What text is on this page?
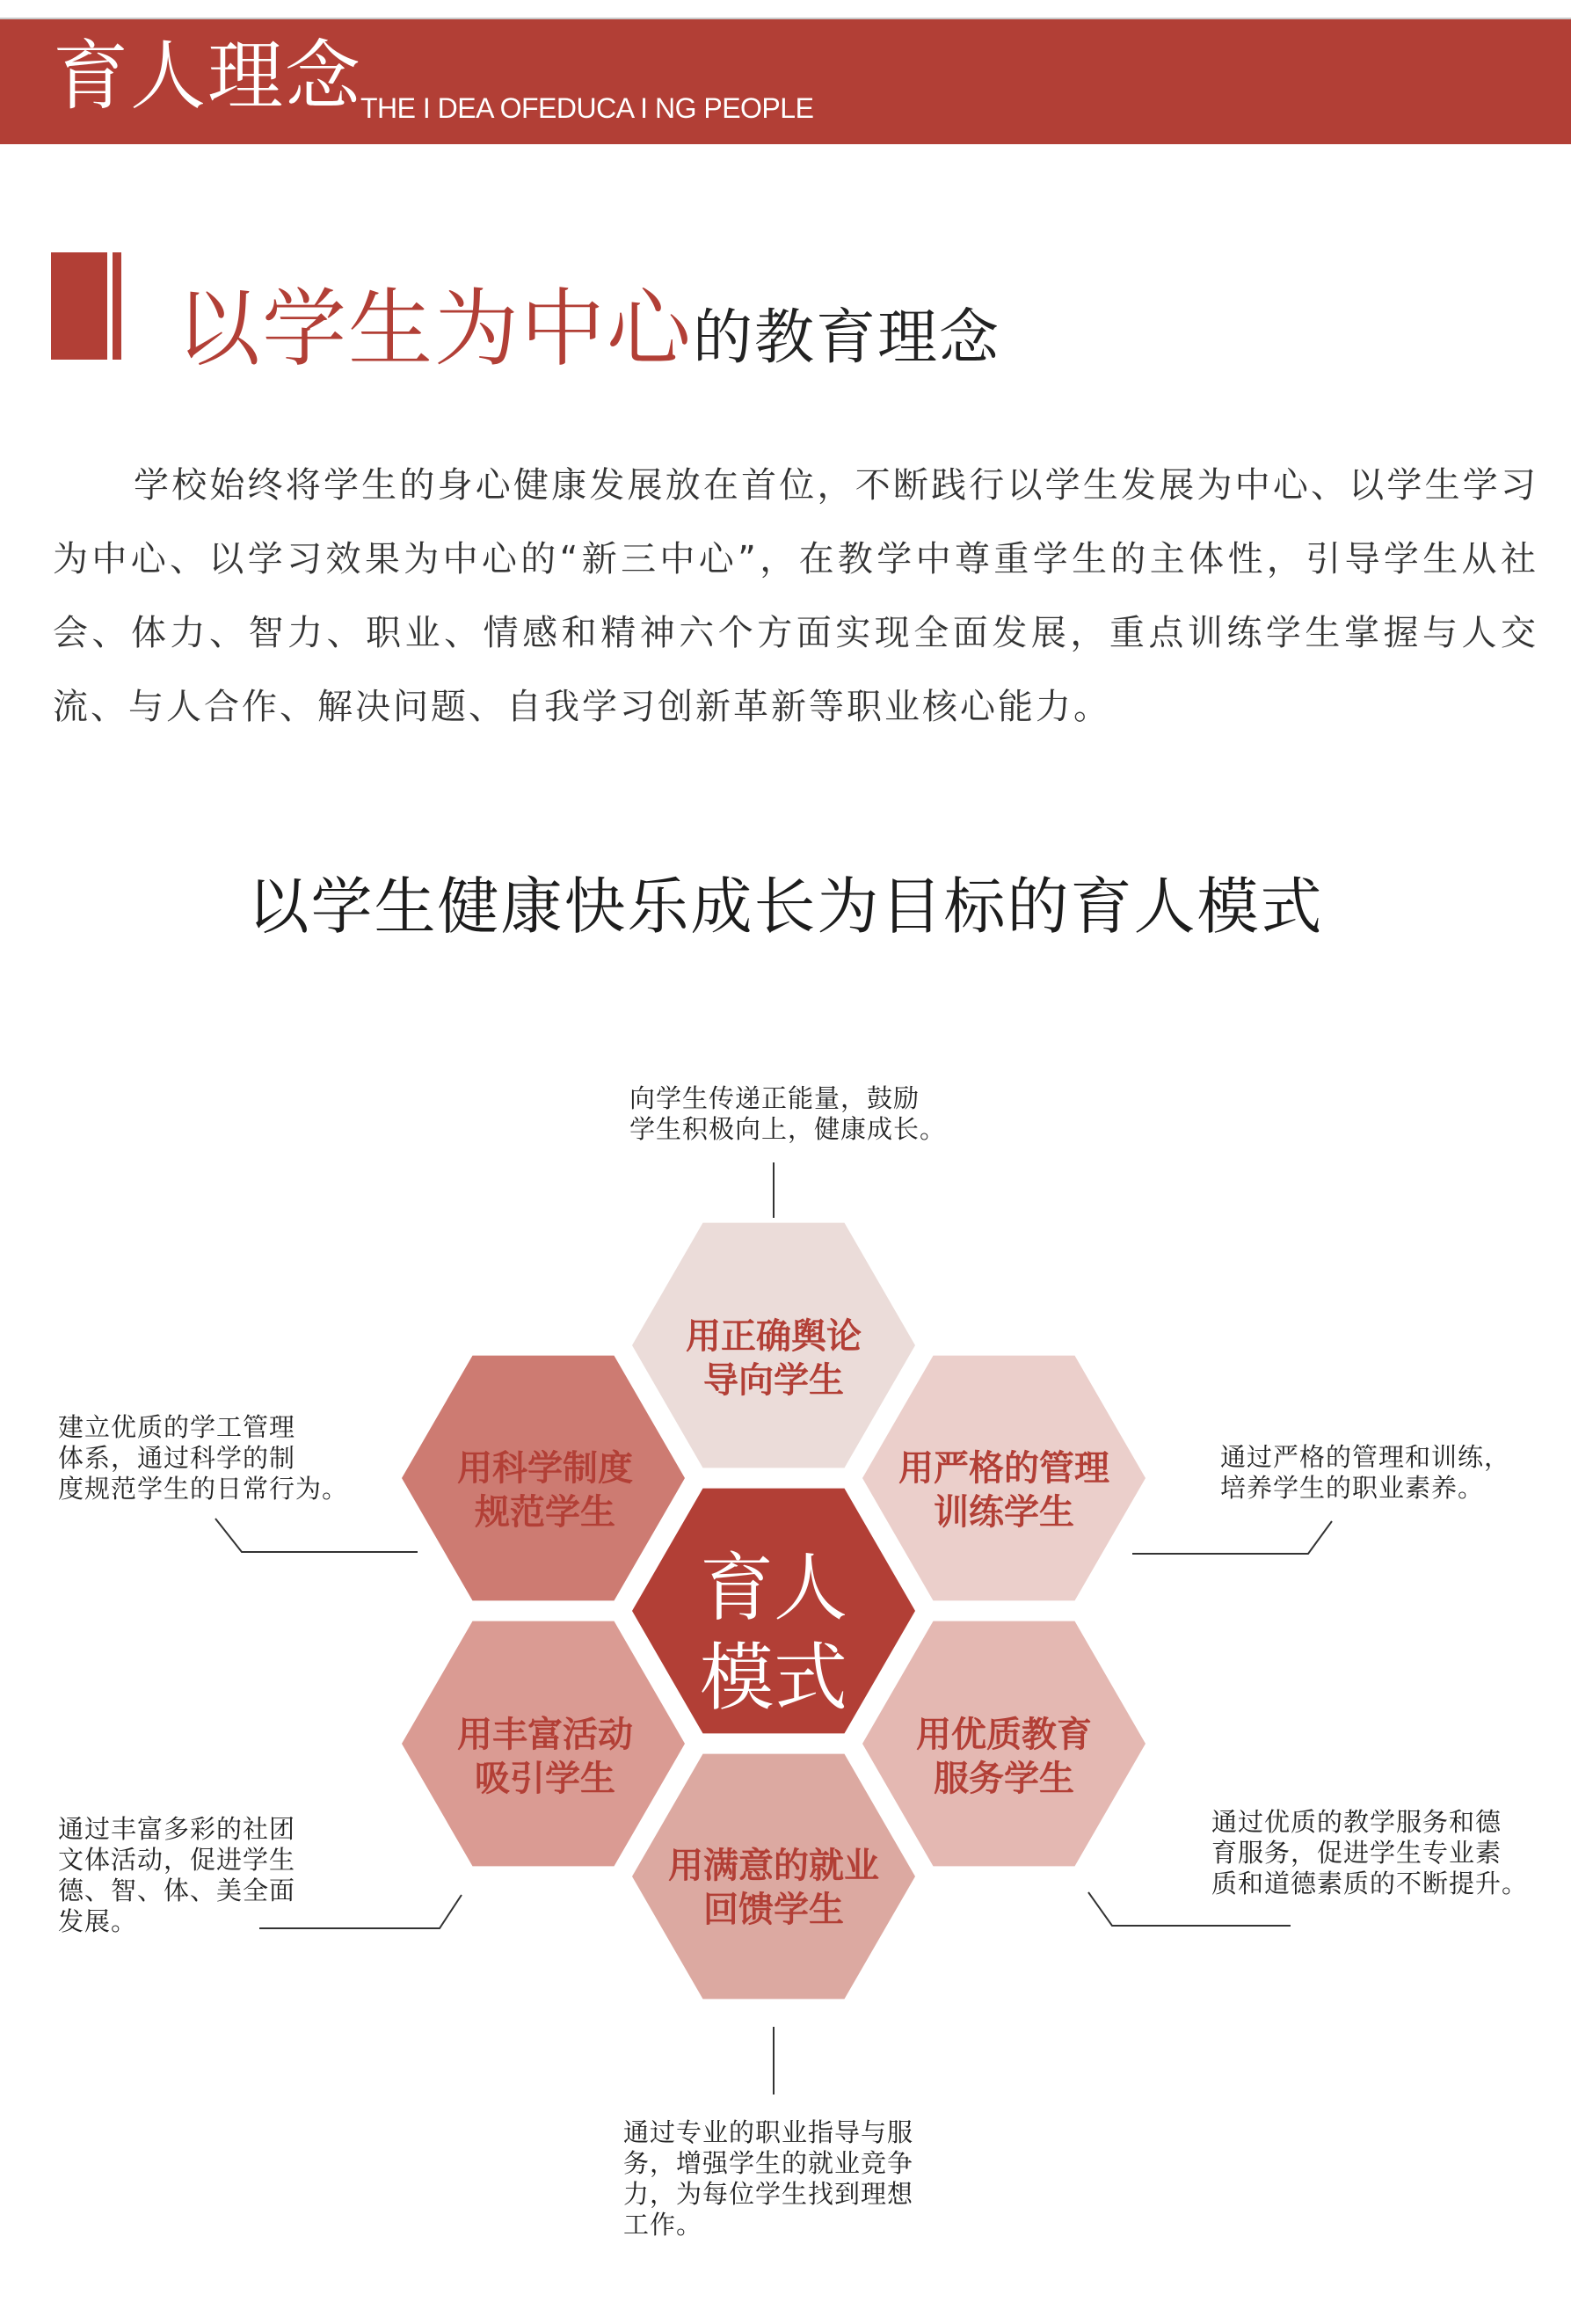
育人理念
THE I DEA OFEDUCA I NG PEOPLE
以学生为中心的教育理念
学校始终将学生的身心健康发展放在首位，不断践行以学生发展为中心、以学生学习为中心、以学习效果为中心的“新三中心”，在教学中尊重学生的主体性，引导学生从社会、体力、智力、职业、情感和精神六个方面实现全面发展，重点训练学生掌握与人交流、与人合作、解决问题、自我学习创新革新等职业核心能力。
以学生健康快乐成长为目标的育人模式
用正确舆论
导向学生
用科学制度
规范学生
用严格的管理
训练学生
用丰富活动
吸引学生
用优质教育
服务学生
用满意的就业
回馈学生
育人
模式
向学生传递正能量，鼓励
学生积极向上，健康成长。
建立优质的学工管理
体系，通过科学的制
度规范学生的日常行为。
通过严格的管理和训练，
培养学生的职业素养。
通过丰富多彩的社团
文体活动，促进学生
德、智、体、美全面
发展。
通过优质的教学服务和德
育服务，促进学生专业素
质和道德素质的不断提升。
通过专业的职业指导与服
务，增强学生的就业竞争
力，为每位学生找到理想
工作。
